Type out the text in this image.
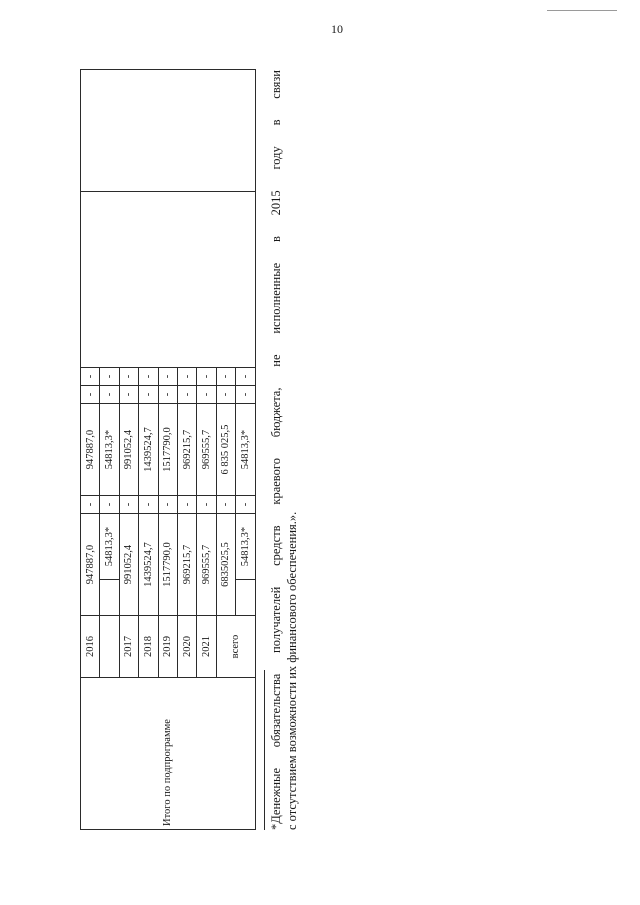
10
Итого по подпрограмме	2016	947887,0		-	947887,0	-	-		
			54813,3*	-	54813,3*	-	-		
	2017	991052,4		-	991052,4	-	-		
	2018	1439524,7		-	1439524,7	-	-		
	2019	1517790,0		-	1517790,0	-	-		
	2020	969215,7		-	969215,7	-	-		
	2021	969555,7		-	969555,7	-	-		
	всего	6835025,5		-	6 835 025,5	-	-		
			54813,3*	-	54813,3*	-	-		
*Денежные
обязательства
получателей
средств
краевого
бюджета,
не
исполненные
в
2015
году
в
связи
с отсутствием возможности их финансового обеспечения.».
